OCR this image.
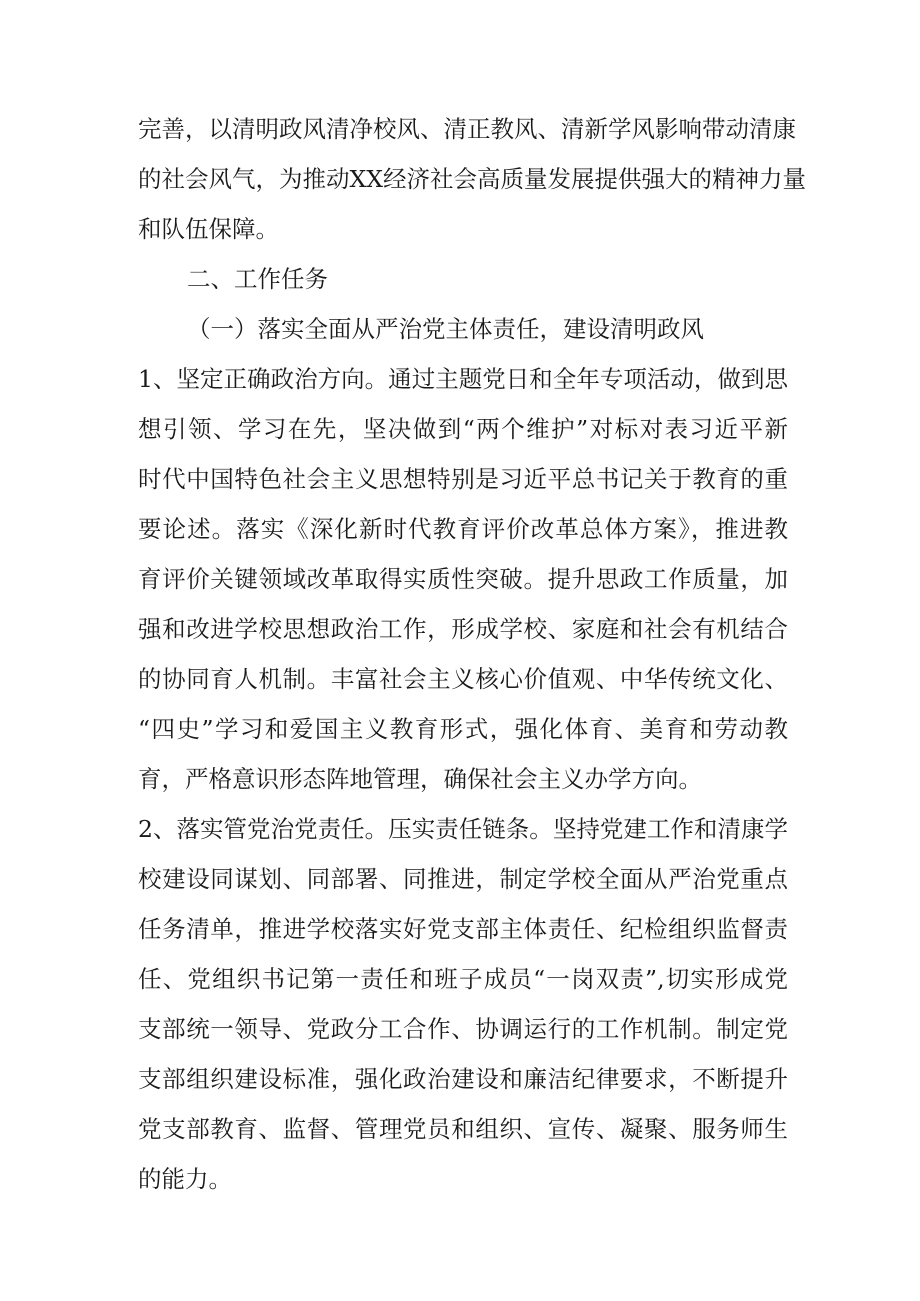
完善，以清明政风清净校风、清正教风、清新学风影响带动清康
的社会风气，为推动XX经济社会高质量发展提供强大的精神力量
和队伍保障。
二、工作任务
（一）落实全面从严治党主体责任，建设清明政风
1、坚定正确政治方向。通过主题党日和全年专项活动，做到思
想引领、学习在先，坚决做到“两个维护”对标对表习近平新
时代中国特色社会主义思想特别是习近平总书记关于教育的重
要论述。落实《深化新时代教育评价改革总体方案》，推进教
育评价关键领域改革取得实质性突破。提升思政工作质量，加
强和改进学校思想政治工作，形成学校、家庭和社会有机结合
的协同育人机制。丰富社会主义核心价值观、中华传统文化、
“四史”学习和爱国主义教育形式，强化体育、美育和劳动教
育，严格意识形态阵地管理，确保社会主义办学方向。
2、落实管党治党责任。压实责任链条。坚持党建工作和清康学
校建设同谋划、同部署、同推进，制定学校全面从严治党重点
任务清单，推进学校落实好党支部主体责任、纪检组织监督责
任、党组织书记第一责任和班子成员“一岗双责”,切实形成党
支部统一领导、党政分工合作、协调运行的工作机制。制定党
支部组织建设标准，强化政治建设和廉洁纪律要求，不断提升
党支部教育、监督、管理党员和组织、宣传、凝聚、服务师生
的能力。
